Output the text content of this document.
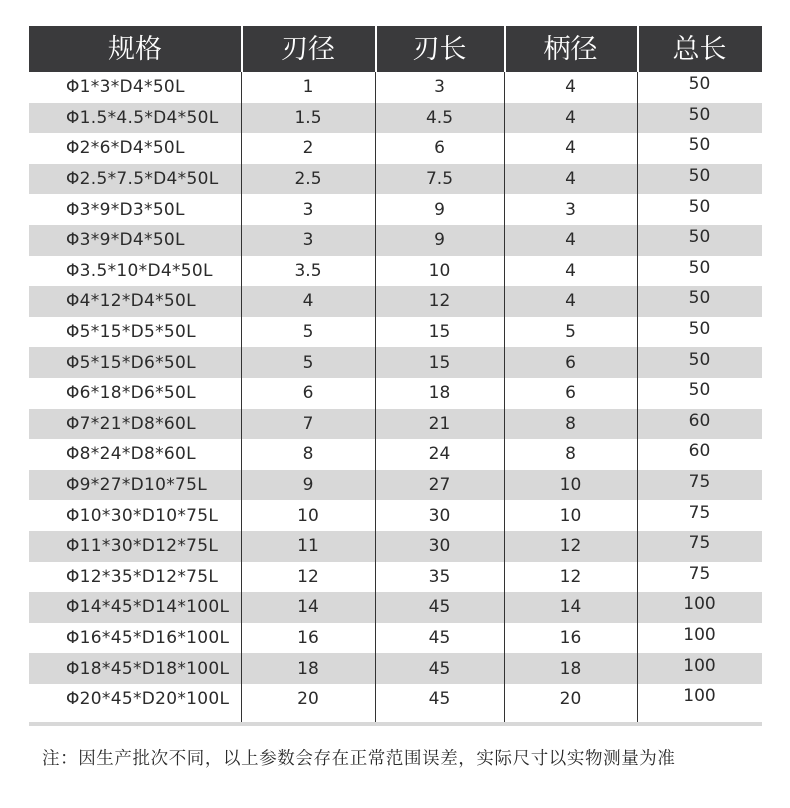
规格	刃径	刃长	柄径	总长
Φ1*3*D4*50L	1	3	4	50
Φ1.5*4.5*D4*50L	1.5	4.5	4	50
Φ2*6*D4*50L	2	6	4	50
Φ2.5*7.5*D4*50L	2.5	7.5	4	50
Φ3*9*D3*50L	3	9	3	50
Φ3*9*D4*50L	3	9	4	50
Φ3.5*10*D4*50L	3.5	10	4	50
Φ4*12*D4*50L	4	12	4	50
Φ5*15*D5*50L	5	15	5	50
Φ5*15*D6*50L	5	15	6	50
Φ6*18*D6*50L	6	18	6	50
Φ7*21*D8*60L	7	21	8	60
Φ8*24*D8*60L	8	24	8	60
Φ9*27*D10*75L	9	27	10	75
Φ10*30*D10*75L	10	30	10	75
Φ11*30*D12*75L	11	30	12	75
Φ12*35*D12*75L	12	35	12	75
Φ14*45*D14*100L	14	45	14	100
Φ16*45*D16*100L	16	45	16	100
Φ18*45*D18*100L	18	45	18	100
Φ20*45*D20*100L	20	45	20	100
注：因生产批次不同，以上参数会存在正常范围误差，实际尺寸以实物测量为准
